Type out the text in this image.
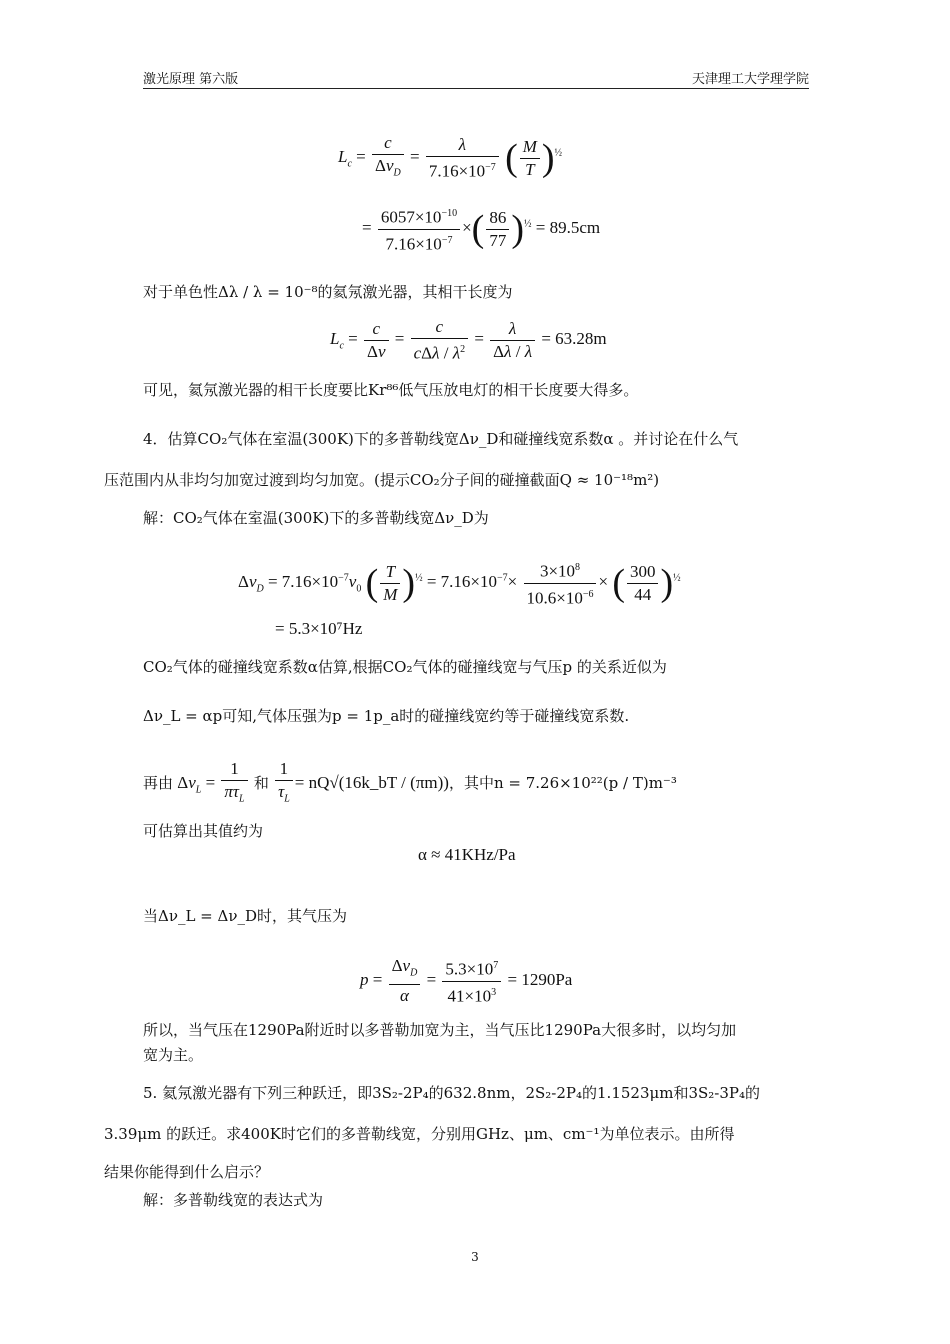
激光原理 第六版	天津理工大学理学院
$L_c = \frac{c}{\Delta\nu_D} = \frac{\lambda}{7.16\times 10^{-7}}$ ( $\frac{M}{T} )^{\frac{1}{2}}$
= $\frac{6057\times 10^{-10}}{7.16\times 10^{-7}}$ ×( $\frac{86}{77} )^{\frac{1}{2}} = 89.5cm$
对于单色性Δλ / λ = 10⁻⁸的氦氖激光器，其相干长度为
$L_c = \frac{c}{\Delta\nu} = \frac{c}{c\Delta\lambda / \lambda^2} = \frac{\lambda}{\Delta\lambda / \lambda} = 63.28m$
可见，氦氖激光器的相干长度要比Kr⁸⁶低气压放电灯的相干长度要大得多。
4．估算CO₂气体在室温(300K)下的多普勒线宽Δν_D和碰撞线宽系数α 。并讨论在什么气
压范围内从非均匀加宽过渡到均匀加宽。(提示CO₂分子间的碰撞截面Q ≈ 10⁻¹⁸m²)
解：CO₂气体在室温(300K)下的多普勒线宽Δν_D为
$\Delta\nu_D = 7.16\times 10^{-7}\nu_0$ ( $\frac{T}{M} )^{\frac{1}{2}} = 7.16\times 10^{-7}\times \frac{3\times 10^8}{10.6\times 10^{-6}}$ × ( $\frac{300}{44} )^{\frac{1}{2}}$
= 5.3×10⁷Hz
CO₂气体的碰撞线宽系数α估算,根据CO₂气体的碰撞线宽与气压p 的关系近似为
Δν_L = αp可知,气体压强为p = 1p_a时的碰撞线宽约等于碰撞线宽系数.
再由 $\Delta\nu_L = \frac{1}{\pi\tau_L}$ 和 $\frac{1}{\tau_L}$ = nQ√(16k_bT / (πm))，其中n = 7.26×10²²(p / T)m⁻³
可估算出其值约为
α ≈ 41KHz/Pa
当Δν_L = Δν_D时，其气压为
$p = \frac{\Delta\nu_D}{\alpha} = \frac{5.3\times 10^7}{41\times 10^3} = 1290Pa$
所以，当气压在1290Pa附近时以多普勒加宽为主，当气压比1290Pa大很多时，以均匀加
宽为主。
5. 氦氖激光器有下列三种跃迁，即3S₂-2P₄的632.8nm，2S₂-2P₄的1.1523μm和3S₂-3P₄的
3.39μm 的跃迁。求400K时它们的多普勒线宽，分别用GHz、μm、cm⁻¹为单位表示。由所得
结果你能得到什么启示？
解：多普勒线宽的表达式为
3
